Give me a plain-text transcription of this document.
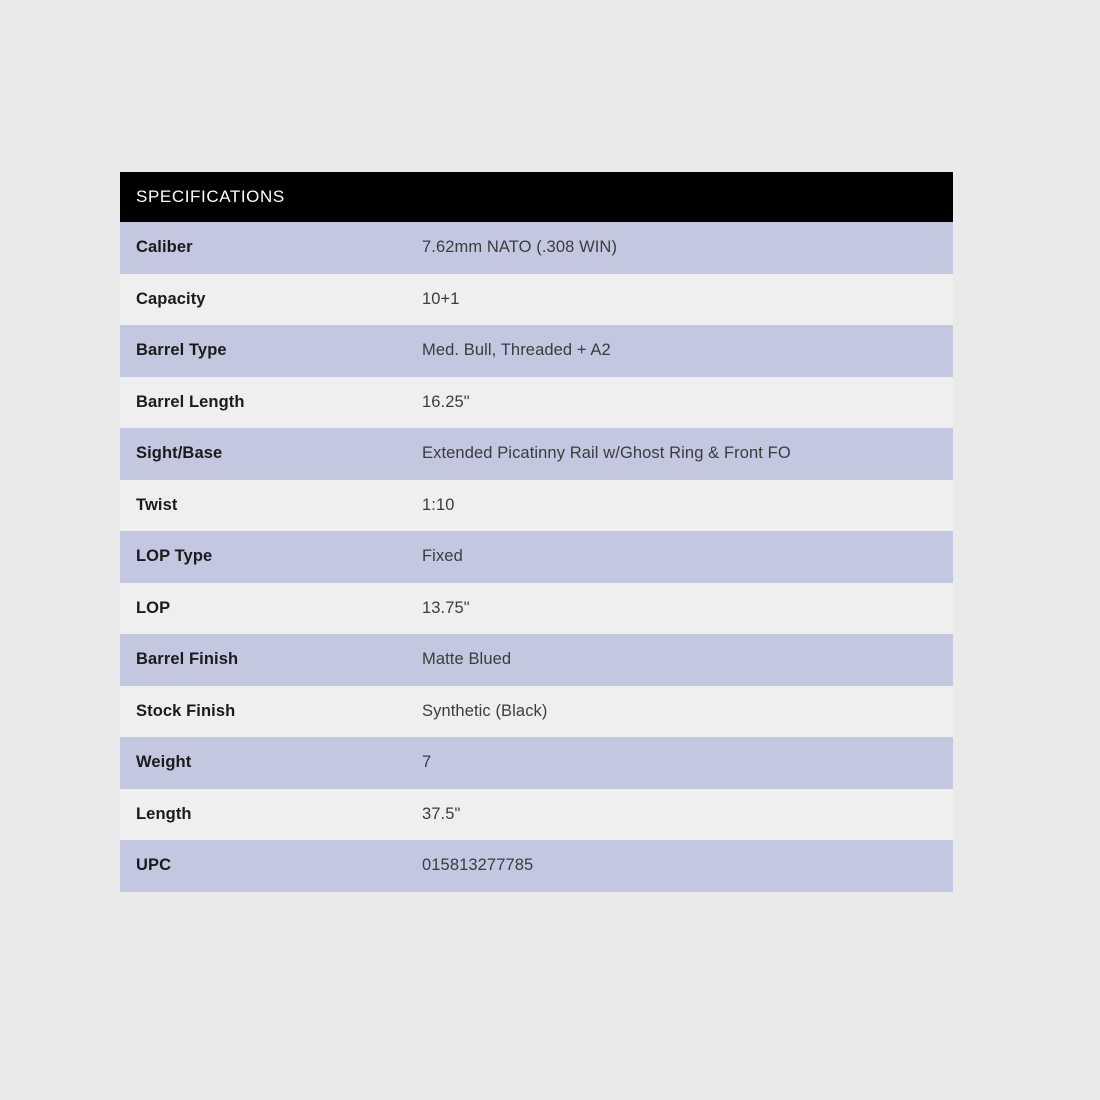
SPECIFICATIONS
Caliber	7.62mm NATO (.308 WIN)
Capacity	10+1
Barrel Type	Med. Bull, Threaded + A2
Barrel Length	16.25"
Sight/Base	Extended Picatinny Rail w/Ghost Ring & Front FO
Twist	1:10
LOP Type	Fixed
LOP	13.75"
Barrel Finish	Matte Blued
Stock Finish	Synthetic (Black)
Weight	7
Length	37.5"
UPC	015813277785
